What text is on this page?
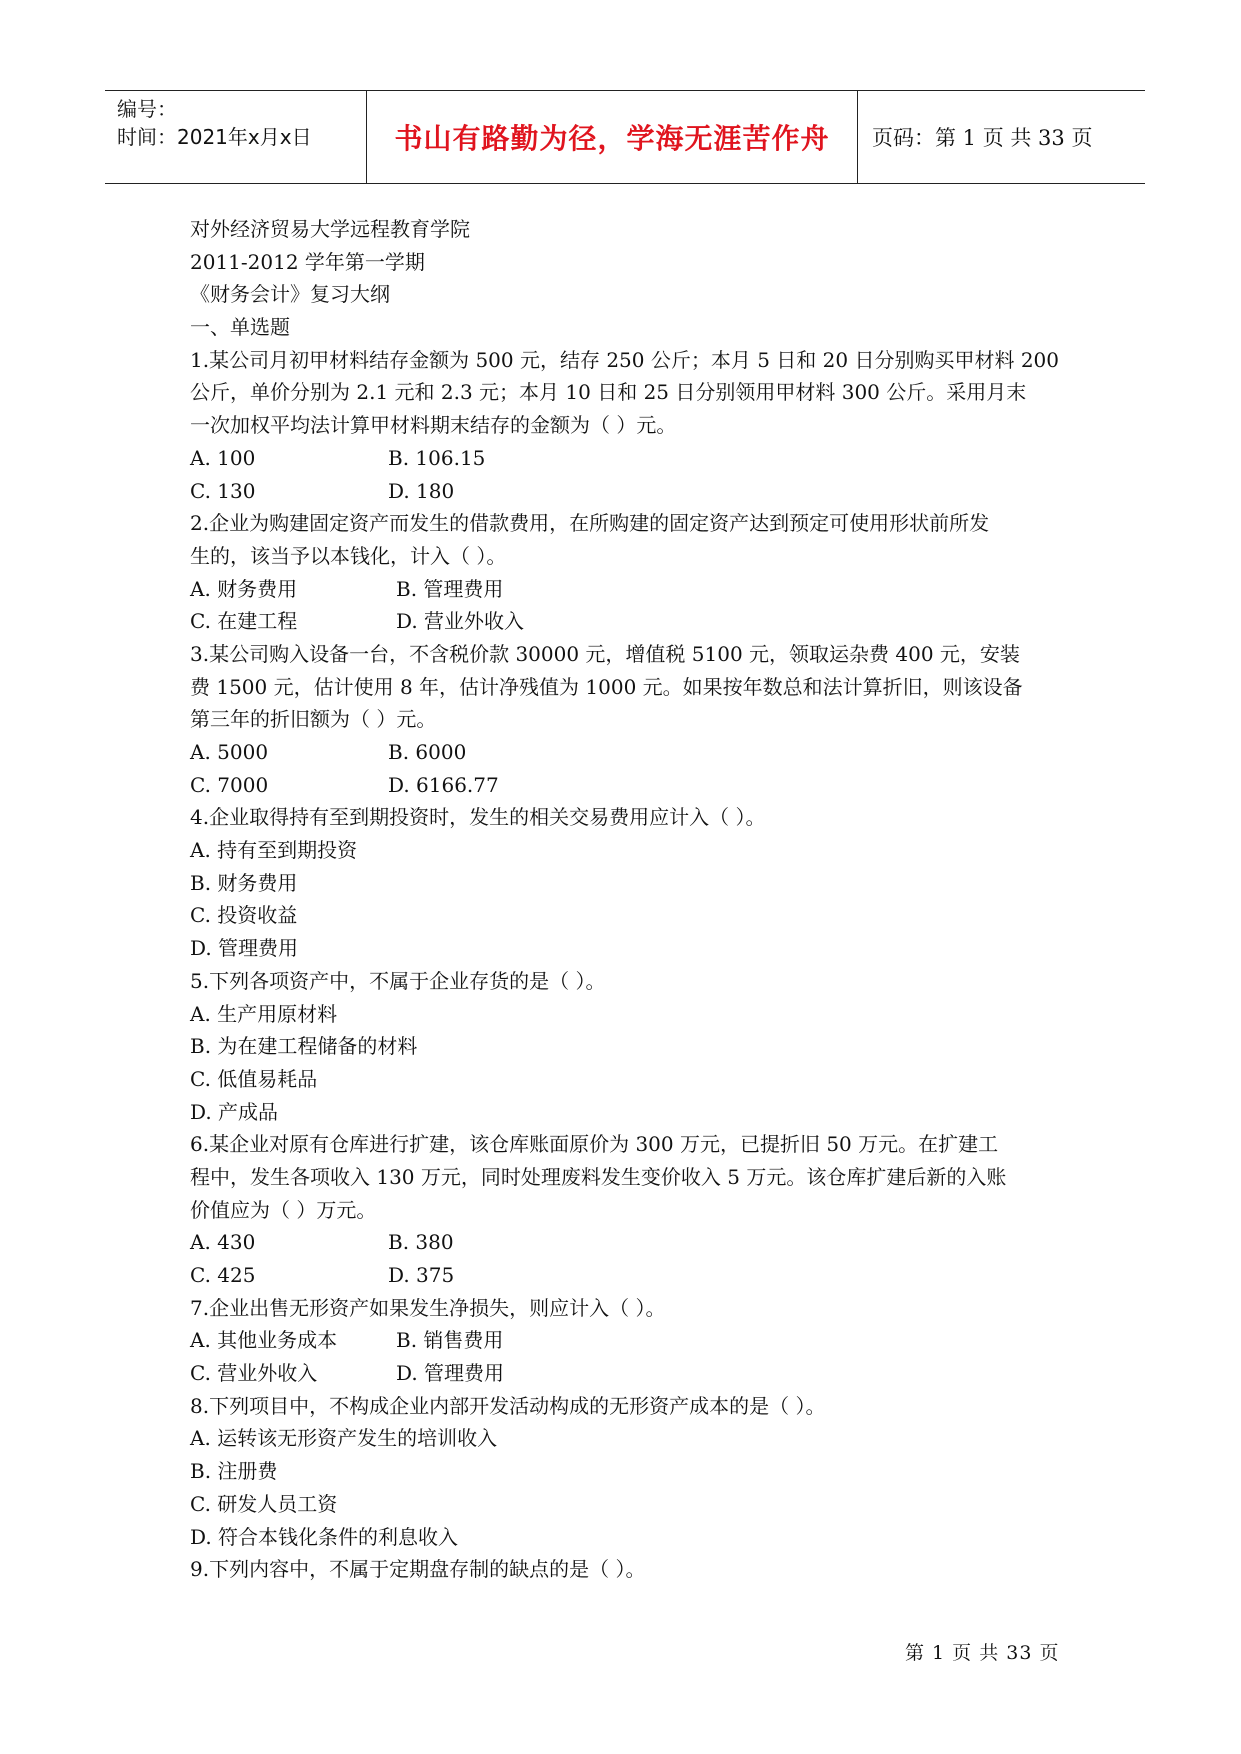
编号：
时间：2021年x月x日	书山有路勤为径，学海无涯苦作舟	页码：第 1 页 共 33 页
对外经济贸易大学远程教育学院
2011-2012 学年第一学期
《财务会计》复习大纲
一、单选题
1.某公司月初甲材料结存金额为 500 元，结存 250 公斤；本月 5 日和 20 日分别购买甲材料 200
公斤，单价分别为 2.1 元和 2.3 元；本月 10 日和 25 日分别领用甲材料 300 公斤。采用月末
一次加权平均法计算甲材料期末结存的金额为（ ）元。
A. 100	B. 106.15
C. 130	D. 180
2.企业为购建固定资产而发生的借款费用，在所购建的固定资产达到预定可使用形状前所发
生的，该当予以本钱化，计入（ ）。
A. 财务费用	B. 管理费用
C. 在建工程	D. 营业外收入
3.某公司购入设备一台，不含税价款 30000 元，增值税 5100 元，领取运杂费 400 元，安装
费 1500 元，估计使用 8 年，估计净残值为 1000 元。如果按年数总和法计算折旧，则该设备
第三年的折旧额为（ ）元。
A. 5000	B. 6000
C. 7000	D. 6166.77
4.企业取得持有至到期投资时，发生的相关交易费用应计入（ ）。
A. 持有至到期投资
B. 财务费用
C. 投资收益
D. 管理费用
5.下列各项资产中，不属于企业存货的是（ ）。
A. 生产用原材料
B. 为在建工程储备的材料
C. 低值易耗品
D. 产成品
6.某企业对原有仓库进行扩建，该仓库账面原价为 300 万元，已提折旧 50 万元。在扩建工
程中，发生各项收入 130 万元，同时处理废料发生变价收入 5 万元。该仓库扩建后新的入账
价值应为（ ）万元。
A. 430	B. 380
C. 425	D. 375
7.企业出售无形资产如果发生净损失，则应计入（ ）。
A. 其他业务成本	B. 销售费用
C. 营业外收入	D. 管理费用
8.下列项目中，不构成企业内部开发活动构成的无形资产成本的是（ ）。
A. 运转该无形资产发生的培训收入
B. 注册费
C. 研发人员工资
D. 符合本钱化条件的利息收入
9.下列内容中，不属于定期盘存制的缺点的是（ ）。
第 1 页 共 33 页
